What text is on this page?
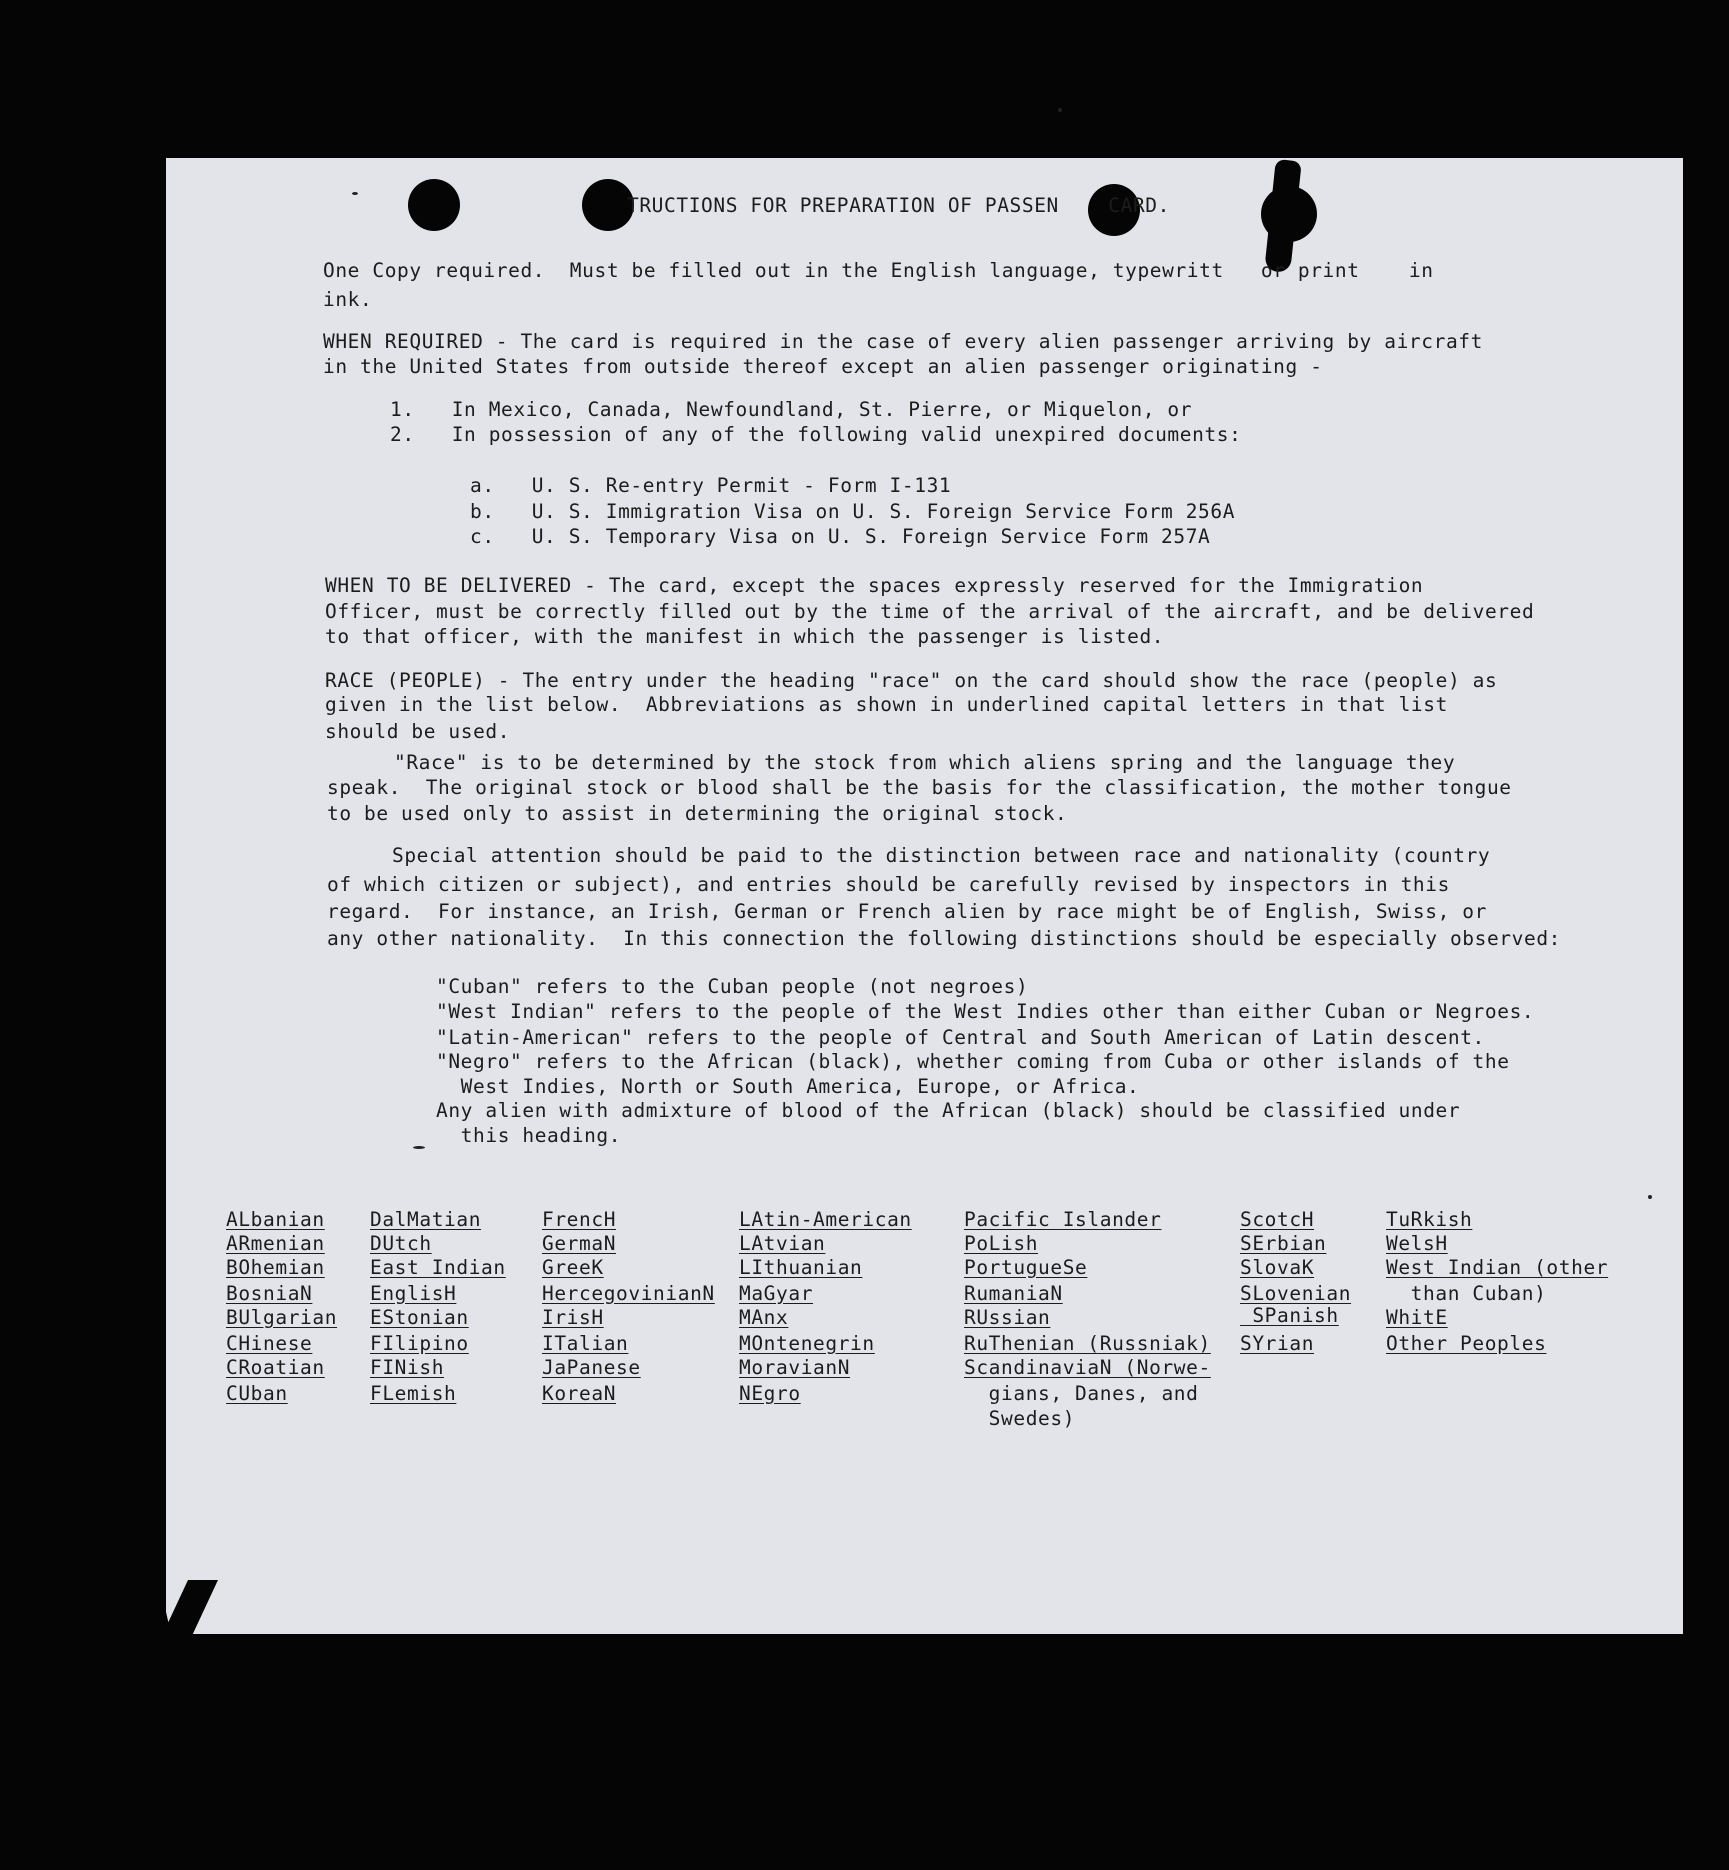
TRUCTIONS FOR PREPARATION OF PASSEN    CARD.
One Copy required.  Must be filled out in the English language, typewritt   or print    in
ink.
WHEN REQUIRED - The card is required in the case of every alien passenger arriving by aircraft
in the United States from outside thereof except an alien passenger originating -
1.   In Mexico, Canada, Newfoundland, St. Pierre, or Miquelon, or
2.   In possession of any of the following valid unexpired documents:
a.   U. S. Re-entry Permit - Form I-131
b.   U. S. Immigration Visa on U. S. Foreign Service Form 256A
c.   U. S. Temporary Visa on U. S. Foreign Service Form 257A
WHEN TO BE DELIVERED - The card, except the spaces expressly reserved for the Immigration
Officer, must be correctly filled out by the time of the arrival of the aircraft, and be delivered
to that officer, with the manifest in which the passenger is listed.
RACE (PEOPLE) - The entry under the heading "race" on the card should show the race (people) as
given in the list below.  Abbreviations as shown in underlined capital letters in that list
should be used.
"Race" is to be determined by the stock from which aliens spring and the language they
speak.  The original stock or blood shall be the basis for the classification, the mother tongue
to be used only to assist in determining the original stock.
Special attention should be paid to the distinction between race and nationality (country
of which citizen or subject), and entries should be carefully revised by inspectors in this
regard.  For instance, an Irish, German or French alien by race might be of English, Swiss, or
any other nationality.  In this connection the following distinctions should be especially observed:
"Cuban" refers to the Cuban people (not negroes)
"West Indian" refers to the people of the West Indies other than either Cuban or Negroes.
"Latin-American" refers to the people of Central and South American of Latin descent.
"Negro" refers to the African (black), whether coming from Cuba or other islands of the
West Indies, North or South America, Europe, or Africa.
Any alien with admixture of blood of the African (black) should be classified under
this heading.
ALbanian
ARmenian
BOhemian
BosniaN
BUlgarian
CHinese
CRoatian
CUban
DalMatian
DUtch
East Indian
EnglisH
EStonian
FIlipino
FINish
FLemish
FrencH
GermaN
GreeK
HercegovinianN
IrisH
ITalian
JaPanese
KoreaN
LAtin-American
LAtvian
LIthuanian
MaGyar
MAnx
MOntenegrin
MoravianN
NEgro
Pacific Islander
PoLish
PortugueSe
RumaniaN
RUssian
RuThenian (Russniak)
ScandinaviaN (Norwe-
gians, Danes, and
Swedes)
ScotcH
SErbian
SlovaK
SLovenian
SPanish
SYrian
TuRkish
WelsH
West Indian (other
than Cuban)
WhitE
Other Peoples
